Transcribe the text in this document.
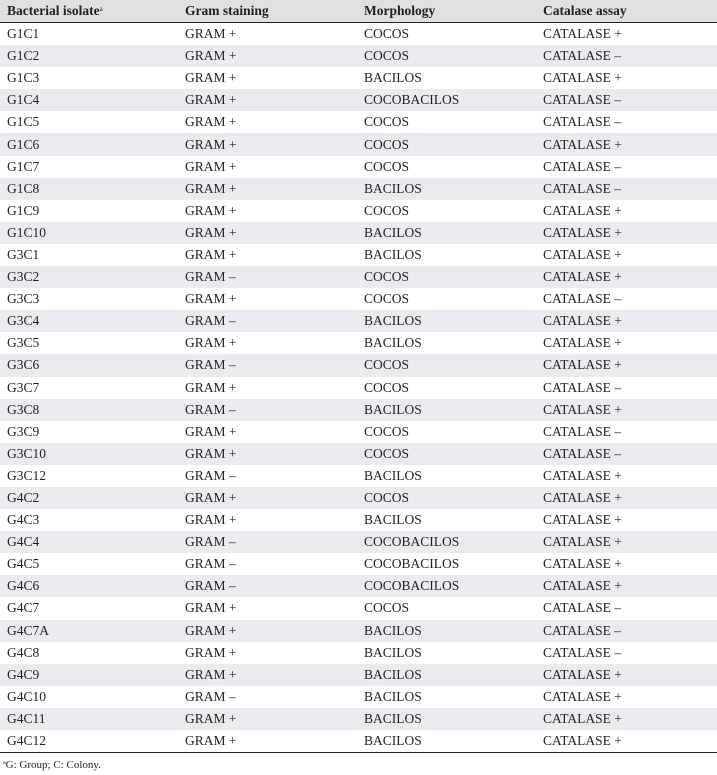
Bacterial isolate$^a$	Gram staining	Morphology	Catalase assay
G1C1	GRAM +	COCOS	CATALASE +
G1C2	GRAM +	COCOS	CATALASE –
G1C3	GRAM +	BACILOS	CATALASE +
G1C4	GRAM +	COCOBACILOS	CATALASE –
G1C5	GRAM +	COCOS	CATALASE –
G1C6	GRAM +	COCOS	CATALASE +
G1C7	GRAM +	COCOS	CATALASE –
G1C8	GRAM +	BACILOS	CATALASE –
G1C9	GRAM +	COCOS	CATALASE +
G1C10	GRAM +	BACILOS	CATALASE +
G3C1	GRAM +	BACILOS	CATALASE +
G3C2	GRAM –	COCOS	CATALASE +
G3C3	GRAM +	COCOS	CATALASE –
G3C4	GRAM –	BACILOS	CATALASE +
G3C5	GRAM +	BACILOS	CATALASE +
G3C6	GRAM –	COCOS	CATALASE +
G3C7	GRAM +	COCOS	CATALASE –
G3C8	GRAM –	BACILOS	CATALASE +
G3C9	GRAM +	COCOS	CATALASE –
G3C10	GRAM +	COCOS	CATALASE –
G3C12	GRAM –	BACILOS	CATALASE +
G4C2	GRAM +	COCOS	CATALASE +
G4C3	GRAM +	BACILOS	CATALASE +
G4C4	GRAM –	COCOBACILOS	CATALASE +
G4C5	GRAM –	COCOBACILOS	CATALASE +
G4C6	GRAM –	COCOBACILOS	CATALASE +
G4C7	GRAM +	COCOS	CATALASE –
G4C7A	GRAM +	BACILOS	CATALASE –
G4C8	GRAM +	BACILOS	CATALASE –
G4C9	GRAM +	BACILOS	CATALASE +
G4C10	GRAM –	BACILOS	CATALASE +
G4C11	GRAM +	BACILOS	CATALASE +
G4C12	GRAM +	BACILOS	CATALASE +
$^a$G: Group; C: Colony.
